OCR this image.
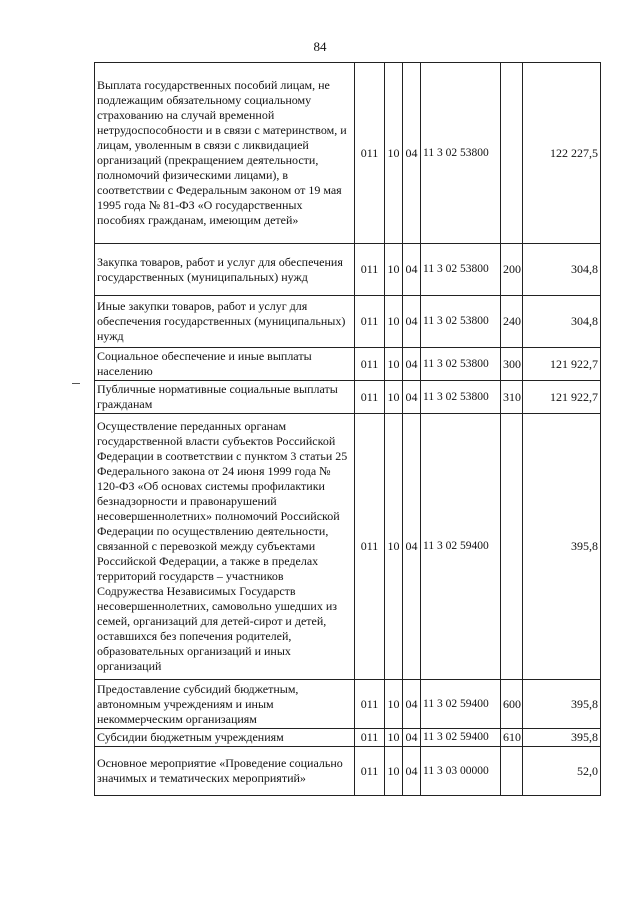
84
Выплата государственных пособий лицам, не подлежащим обязательному социальному страхованию на случай временной нетрудоспособности и в связи с материнством, и лицам, уволенным в связи с ликвидацией организаций (прекращением деятельности, полномочий физическими лицами), в соответствии с Федеральным законом от 19 мая 1995 года № 81-ФЗ «О государственных пособиях гражданам, имеющим детей»	011	10	04	11 3 02 53800		122 227,5
Закупка товаров, работ и услуг для обеспечения государственных (муниципальных) нужд	011	10	04	11 3 02 53800	200	304,8
Иные закупки товаров, работ и услуг для обеспечения государственных (муниципальных) нужд	011	10	04	11 3 02 53800	240	304,8
Социальное обеспечение и иные выплаты населению	011	10	04	11 3 02 53800	300	121 922,7
Публичные нормативные социальные выплаты гражданам	011	10	04	11 3 02 53800	310	121 922,7
Осуществление переданных органам государственной власти субъектов Российской Федерации в соответствии с пунктом 3 статьи 25 Федерального закона от 24 июня 1999 года № 120-ФЗ «Об основах системы профилактики безнадзорности и правонарушений несовершеннолетних» полномочий Российской Федерации по осуществлению деятельности, связанной с перевозкой между субъектами Российской Федерации, а также в пределах территорий государств – участников Содружества Независимых Государств несовершеннолетних, самовольно ушедших из семей, организаций для детей-сирот и детей, оставшихся без попечения родителей, образовательных организаций и иных организаций	011	10	04	11 3 02 59400		395,8
Предоставление субсидий бюджетным, автономным учреждениям и иным некоммерческим организациям	011	10	04	11 3 02 59400	600	395,8
Субсидии бюджетным учреждениям	011	10	04	11 3 02 59400	610	395,8
Основное мероприятие «Проведение социально значимых и тематических мероприятий»	011	10	04	11 3 03 00000		52,0
